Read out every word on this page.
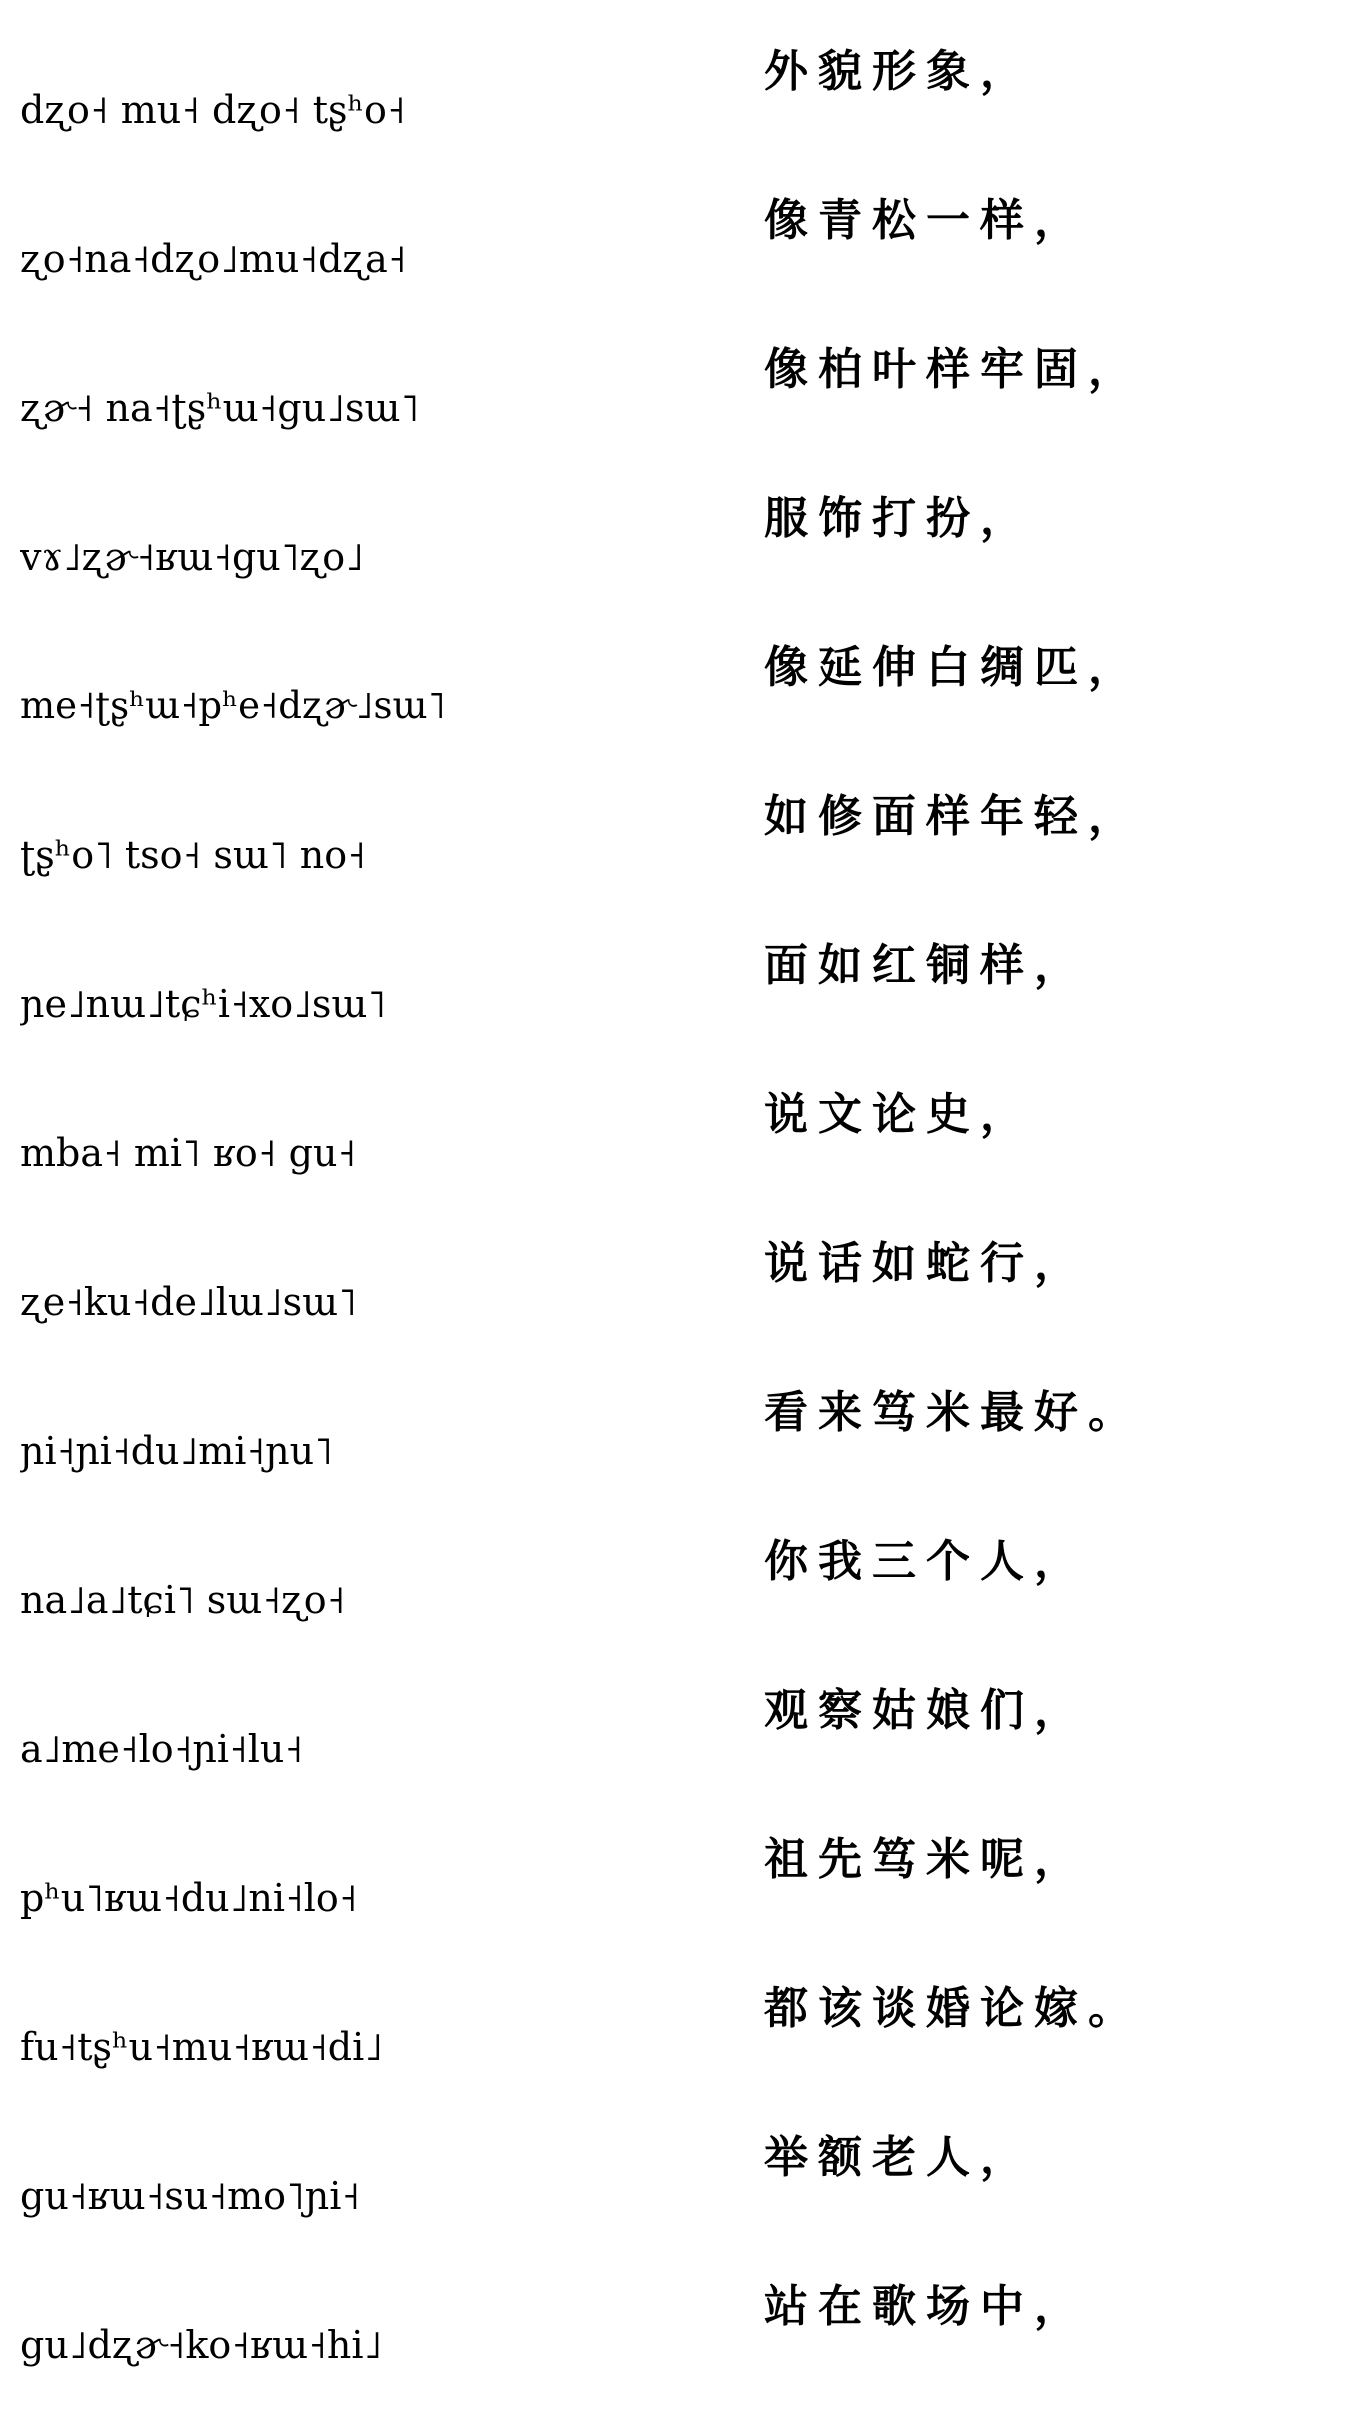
dʐo˧ mu˧ dʐo˧ tʂʰo˧
外貌形象，
ʐo˧na˧dʐo˩mu˧dʐa˧
像青松一样，
ʐɚ˧ na˧ʈʂʰɯ˧gu˩sɯ˥
像柏叶样牢固，
vɤ˩ʐɚ˧ʁɯ˧gu˥ʐo˩
服饰打扮，
me˧ʈʂʰɯ˧pʰe˧dʐɚ˩sɯ˥
像延伸白绸匹，
ʈʂʰo˥ tso˧ sɯ˥ no˧
如修面样年轻，
ɲe˩nɯ˩tɕʰi˧xo˩sɯ˥
面如红铜样，
mba˧ mi˥ ʁo˧ gu˧
说文论史，
ʐe˧ku˧de˩lɯ˩sɯ˥
说话如蛇行，
ɲi˧ɲi˧du˩mi˧ɲu˥
看来笃米最好。
na˩a˩tɕi˥ sɯ˧ʐo˧
你我三个人，
a˩me˧lo˧ɲi˧lu˧
观察姑娘们，
pʰu˥ʁɯ˧du˩ni˧lo˧
祖先笃米呢，
fu˧tʂʰu˧mu˧ʁɯ˧di˩
都该谈婚论嫁。
gu˧ʁɯ˧su˧mo˥ɲi˧
举额老人，
gu˩dʐɚ˧ko˧ʁɯ˧hi˩
站在歌场中，
